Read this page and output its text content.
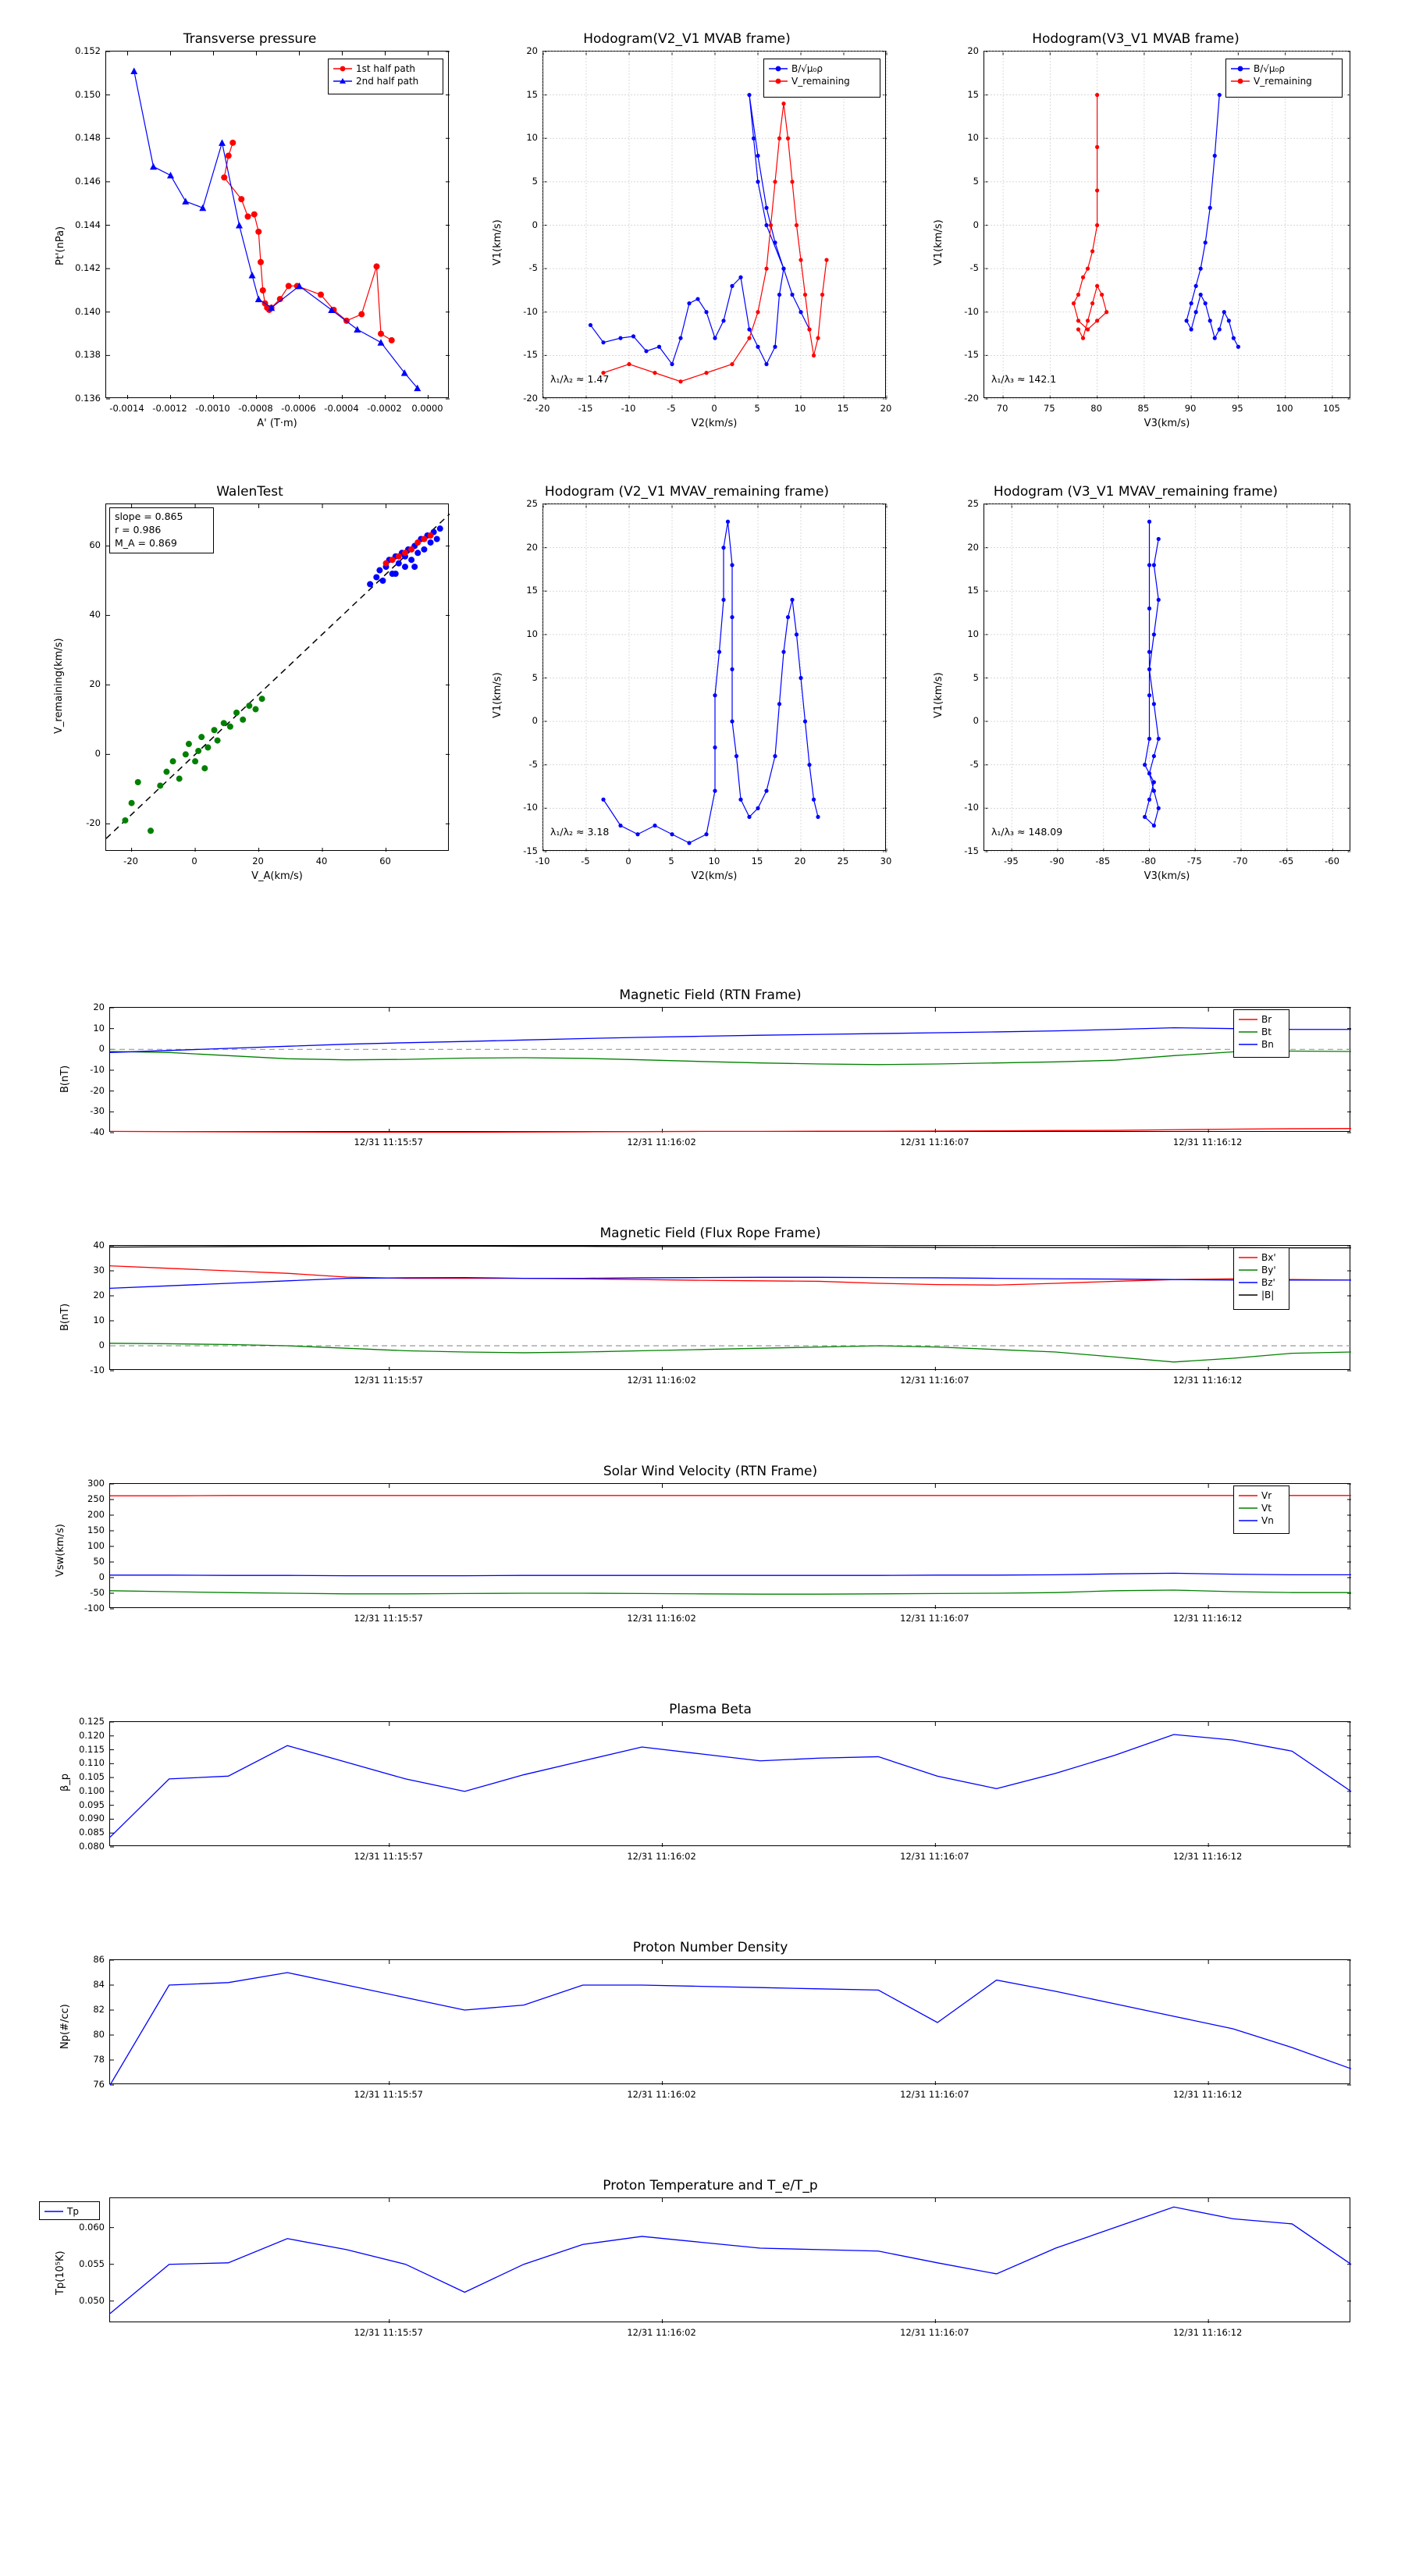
Transverse pressure
1st half path
2nd half path
A' (T·m)
Pt'(nPa)
-0.0014 -0.0012 -0.0010 -0.0008 -0.0006 -0.0004 -0.0002 0.0000
0.136
0.138
0.140
0.142
0.144
0.146
0.148
0.150
0.152
Hodogram(V2_V1 MVAB frame)
B/√μ₀ρ
V_remaining
λ₁/λ₂ ≈ 1.47
V2(km/s)
V1(km/s)
-20	-15	-10	-5	0	5	10	15	20
-20
-15
-10
-5
0
5
10
15
20
Hodogram(V3_V1 MVAB frame)
B/√μ₀ρ
V_remaining
λ₁/λ₃ ≈ 142.1
V3(km/s)
V1(km/s)
70	75	80	85	90	95	100	105
-20
-15
-10
-5
0
5
10
15
20
WalenTest
slope = 0.865
r = 0.986
M_A = 0.869
V_A(km/s)
V_remaining(km/s)
-20	0	20	40	60
-20
0
20
40
60
Hodogram (V2_V1 MVAV_remaining frame)
λ₁/λ₂ ≈ 3.18
V2(km/s)
V1(km/s)
-10	-5	0	5	10	15	20	25	30
-15
-10
-5
0
5
10
15
20
25
Hodogram (V3_V1 MVAV_remaining frame)
λ₁/λ₃ ≈ 148.09
V3(km/s)
V1(km/s)
-95	-90	-85	-80	-75	-70	-65	-60
-15
-10
-5
0
5
10
15
20
25
Magnetic Field (RTN Frame)
Br
Bt
Bn
B(nT)
-40
-30
-20
-10
0
10
20
12/31 11:15:57	12/31 11:16:02	12/31 11:16:07	12/31 11:16:12
Magnetic Field (Flux Rope Frame)
Bx'
By'
Bz'
|B|
B(nT)
-10
0
10
20
30
40
12/31 11:15:57	12/31 11:16:02	12/31 11:16:07	12/31 11:16:12
Solar Wind Velocity (RTN Frame)
Vr
Vt
Vn
Vsw(km/s)
-100
-50
0
50
100
150
200
250
300
12/31 11:15:57	12/31 11:16:02	12/31 11:16:07	12/31 11:16:12
Plasma Beta
β_p
0.080
0.085
0.090
0.095
0.100
0.105
0.110
0.115
0.120
0.125
12/31 11:15:57	12/31 11:16:02	12/31 11:16:07	12/31 11:16:12
Proton Number Density
Np(#/cc)
76
78
80
82
84
86
12/31 11:15:57	12/31 11:16:02	12/31 11:16:07	12/31 11:16:12
Proton Temperature and T_e/T_p
Tp
Tp(10⁵K)
0.050
0.055
0.060
12/31 11:15:57	12/31 11:16:02	12/31 11:16:07	12/31 11:16:12
